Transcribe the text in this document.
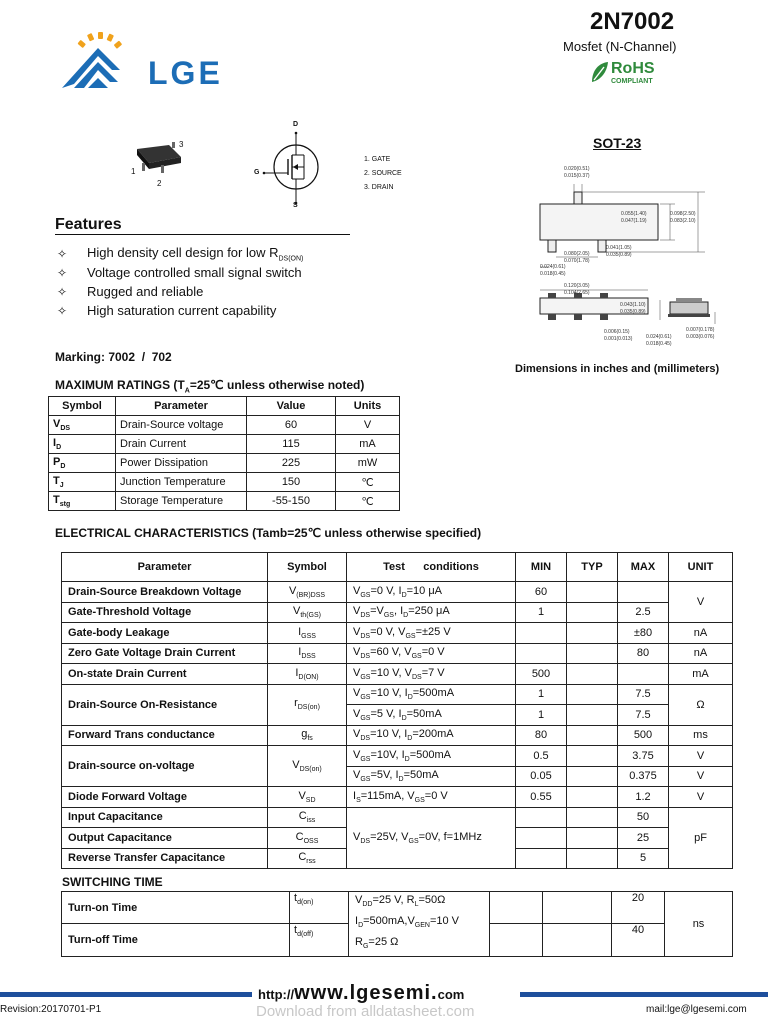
LGE
2N7002
Mosfet (N-Channel)
RoHS
COMPLIANT
3
1
2
D
G
S
1. GATE
2. SOURCE
3. DRAIN
SOT-23
0.020(0.51)
0.015(0.37)
0.055(1.40)
0.047(1.19)
0.098(2.50)
0.083(2.10)
0.041(1.05)
0.035(0.89)
0.080(2.05)
0.070(1.78)
0.024(0.61)
0.018(0.45)
0.120(3.05)
0.104(2.65)
0.043(1.10)
0.035(0.89)
0.006(0.15)
0.001(0.013)	0.024(0.61)
0.018(0.45)
0.007(0.178)
0.003(0.076)
Dimensions in inches and (millimeters)
Features
✧	High density cell design for low $R_{DS(ON)}$
✧	Voltage controlled small signal switch
✧	Rugged and reliable
✧	High saturation current capability
Marking: 7002  /  702
MAXIMUM RATINGS ($T_A=25℃$ unless otherwise noted)
Symbol	Parameter	Value	Units
$V_{DS}$	Drain-Source voltage	60	V
$I_D$	Drain Current	115	mA
$P_D$	Power Dissipation	225	mW
$T_J$	Junction Temperature	150	℃
$T_{stg}$	Storage Temperature	-55-150	℃
ELECTRICAL CHARACTERISTICS (Tamb=25℃ unless otherwise specified)
Parameter	Symbol	Test      conditions	MIN	TYP	MAX	UNIT
Drain-Source Breakdown Voltage	$V_{(BR)DSS}$	$V_{GS}=0$ V, $I_D=10$ μA	60			V
Gate-Threshold Voltage	$V_{th(GS)}$	$V_{DS}=V_{GS}$, $I_D=250$ μA	1		2.5	
Gate-body Leakage	$I_{GSS}$	$V_{DS}=0$ V, $V_{GS}=\pm 25$ V			±80	nA
Zero Gate Voltage Drain Current	$I_{DSS}$	$V_{DS}=60$ V, $V_{GS}=0$ V			80	nA
On-state Drain Current	$I_{D(ON)}$	$V_{GS}=10$ V, $V_{DS}=7$ V	500			mA
Drain-Source On-Resistance	$r_{DS(on)}$	$V_{GS}=10$ V, $I_D=500mA$	1		7.5	Ω
		$V_{GS}=5$ V, $I_D=50mA$	1		7.5	
Forward Trans conductance	$g_{fs}$	$V_{DS}=10$ V, $I_D=200mA$	80		500	ms
Drain-source on-voltage	$V_{DS(on)}$	$V_{GS}=10V$, $I_D=500mA$	0.5		3.75	V
		$V_{GS}=5V$, $I_D=50mA$	0.05		0.375	V
Diode Forward Voltage	$V_{SD}$	$I_S=115mA$, $V_{GS}=0$ V	0.55		1.2	V
Input Capacitance	$C_{iss}$	$V_{DS}=25V$, $V_{GS}=0V$, f=1MHz			50	pF
Output Capacitance	$C_{OSS}$				25	
Reverse Transfer Capacitance	$C_{rss}$				5	
SWITCHING TIME
Turn-on Time	$t_{d(on)}$	$V_{DD}=25$ V, $R_L=50\Omega$
$I_D=500mA,V_{GEN}=10$ V
$R_G=25$ Ω			20	ns
Turn-off Time	$t_{d(off)}$				40	
http://www.lgesemi.com
Revision:20170701-P1	Download from alldatasheet.com	mail:lge@lgesemi.com
